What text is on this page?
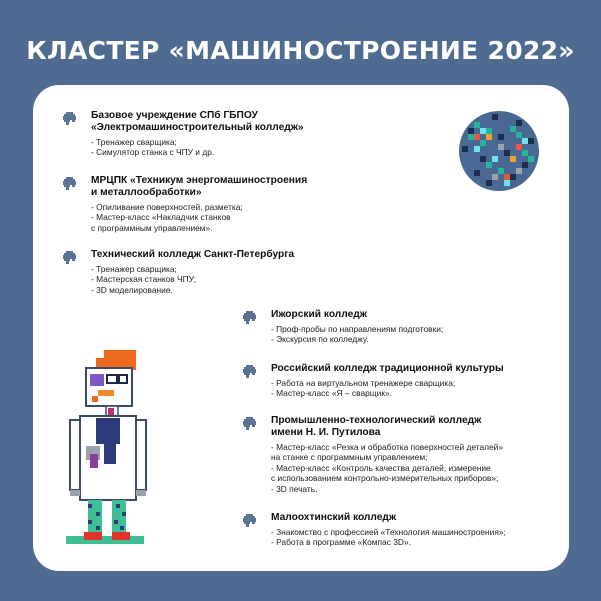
КЛАСТЕР «МАШИНОСТРОЕНИЕ 2022»
Базовое учреждение СПб ГБПОУ
«Электромашиностроительный колледж»
- Тренажер сварщика;
- Симулятор станка с ЧПУ и др.
МРЦПК «Техникум энергомашиностроения
и металлообработки»
- Опиливание поверхностей, разметка;
- Мастер-класс «Накладчик станков
с программным управлением».
Технический колледж Санкт-Петербурга
- Тренажер сварщика;
- Мастерская станков ЧПУ;
- 3D моделирование.
Ижорский колледж
- Проф-пробы по направлениям подготовки;
- Экскурсия по колледжу.
Российский колледж традиционной культуры
- Работа на виртуальном тренажере сварщика;
- Мастер-класс «Я – сварщик».
Промышленно-технологический колледж
имени Н. И. Путилова
- Мастер-класс «Резка и обработка поверхностей деталей»
на станке с программным управлением;
- Мастер-класс «Контроль качества деталей, измерение
с использованием контрольно-измерительных приборов»;
- 3D печать.
Малоохтинский колледж
- Знакомство с профессией «Технология машиностроения»;
- Работа в программе «Компас 3D».
